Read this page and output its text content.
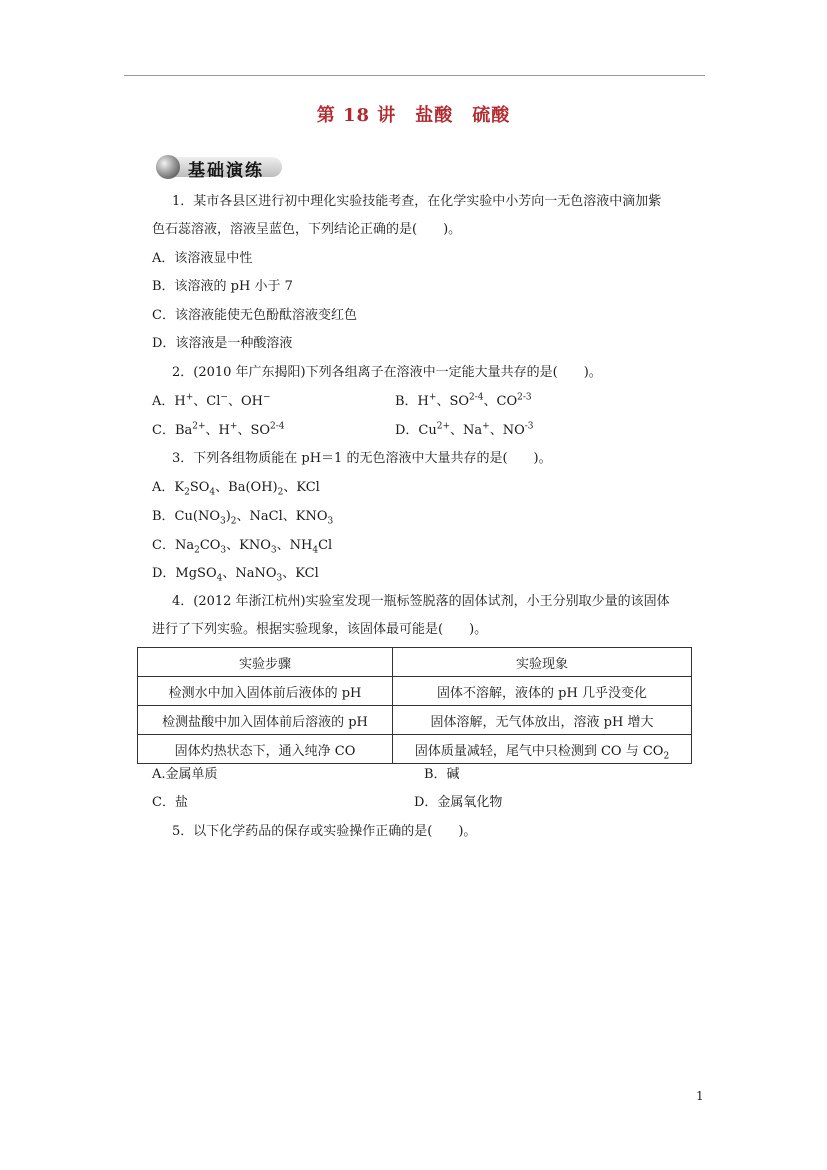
第 18 讲　盐酸　硫酸
基础演练
1．某市各县区进行初中理化实验技能考查，在化学实验中小芳向一无色溶液中滴加紫
色石蕊溶液，溶液呈蓝色，下列结论正确的是(　　)。
A．该溶液显中性
B．该溶液的 pH 小于 7
C．该溶液能使无色酚酞溶液变红色
D．该溶液是一种酸溶液
2．(2010 年广东揭阳)下列各组离子在溶液中一定能大量共存的是(　　)。
A．H+、Cl−、OH−	B．H+、SO$^{2-4}$、CO$^{2-3}$
C．$Ba^{2+}$、H+、SO$^{2-4}$	D．$Cu^{2+}$、Na+、$NO^{-3}$
3．下列各组物质能在 pH＝1 的无色溶液中大量共存的是(　　)。
A．$K_2SO_4$、$Ba(OH)_2$、KCl
B．$Cu(NO_3)_2$、NaCl、$KNO_3$
C．$Na_2CO_3$、$KNO_3$、$NH_4Cl$
D．MgSO$_4$、NaNO$_3$、KCl
4．(2012 年浙江杭州)实验室发现一瓶标签脱落的固体试剂，小王分别取少量的该固体
进行了下列实验。根据实验现象，该固体最可能是(　　)。
实验步骤	实验现象
检测水中加入固体前后液体的 pH	固体不溶解，液体的 pH 几乎没变化
检测盐酸中加入固体前后溶液的 pH	固体溶解，无气体放出，溶液 pH 增大
固体灼热状态下，通入纯净 CO	固体质量减轻，尾气中只检测到 CO 与 $CO_2$
A.金属单质	B．碱
C．盐	D．金属氧化物
5．以下化学药品的保存或实验操作正确的是(　　)。
1
